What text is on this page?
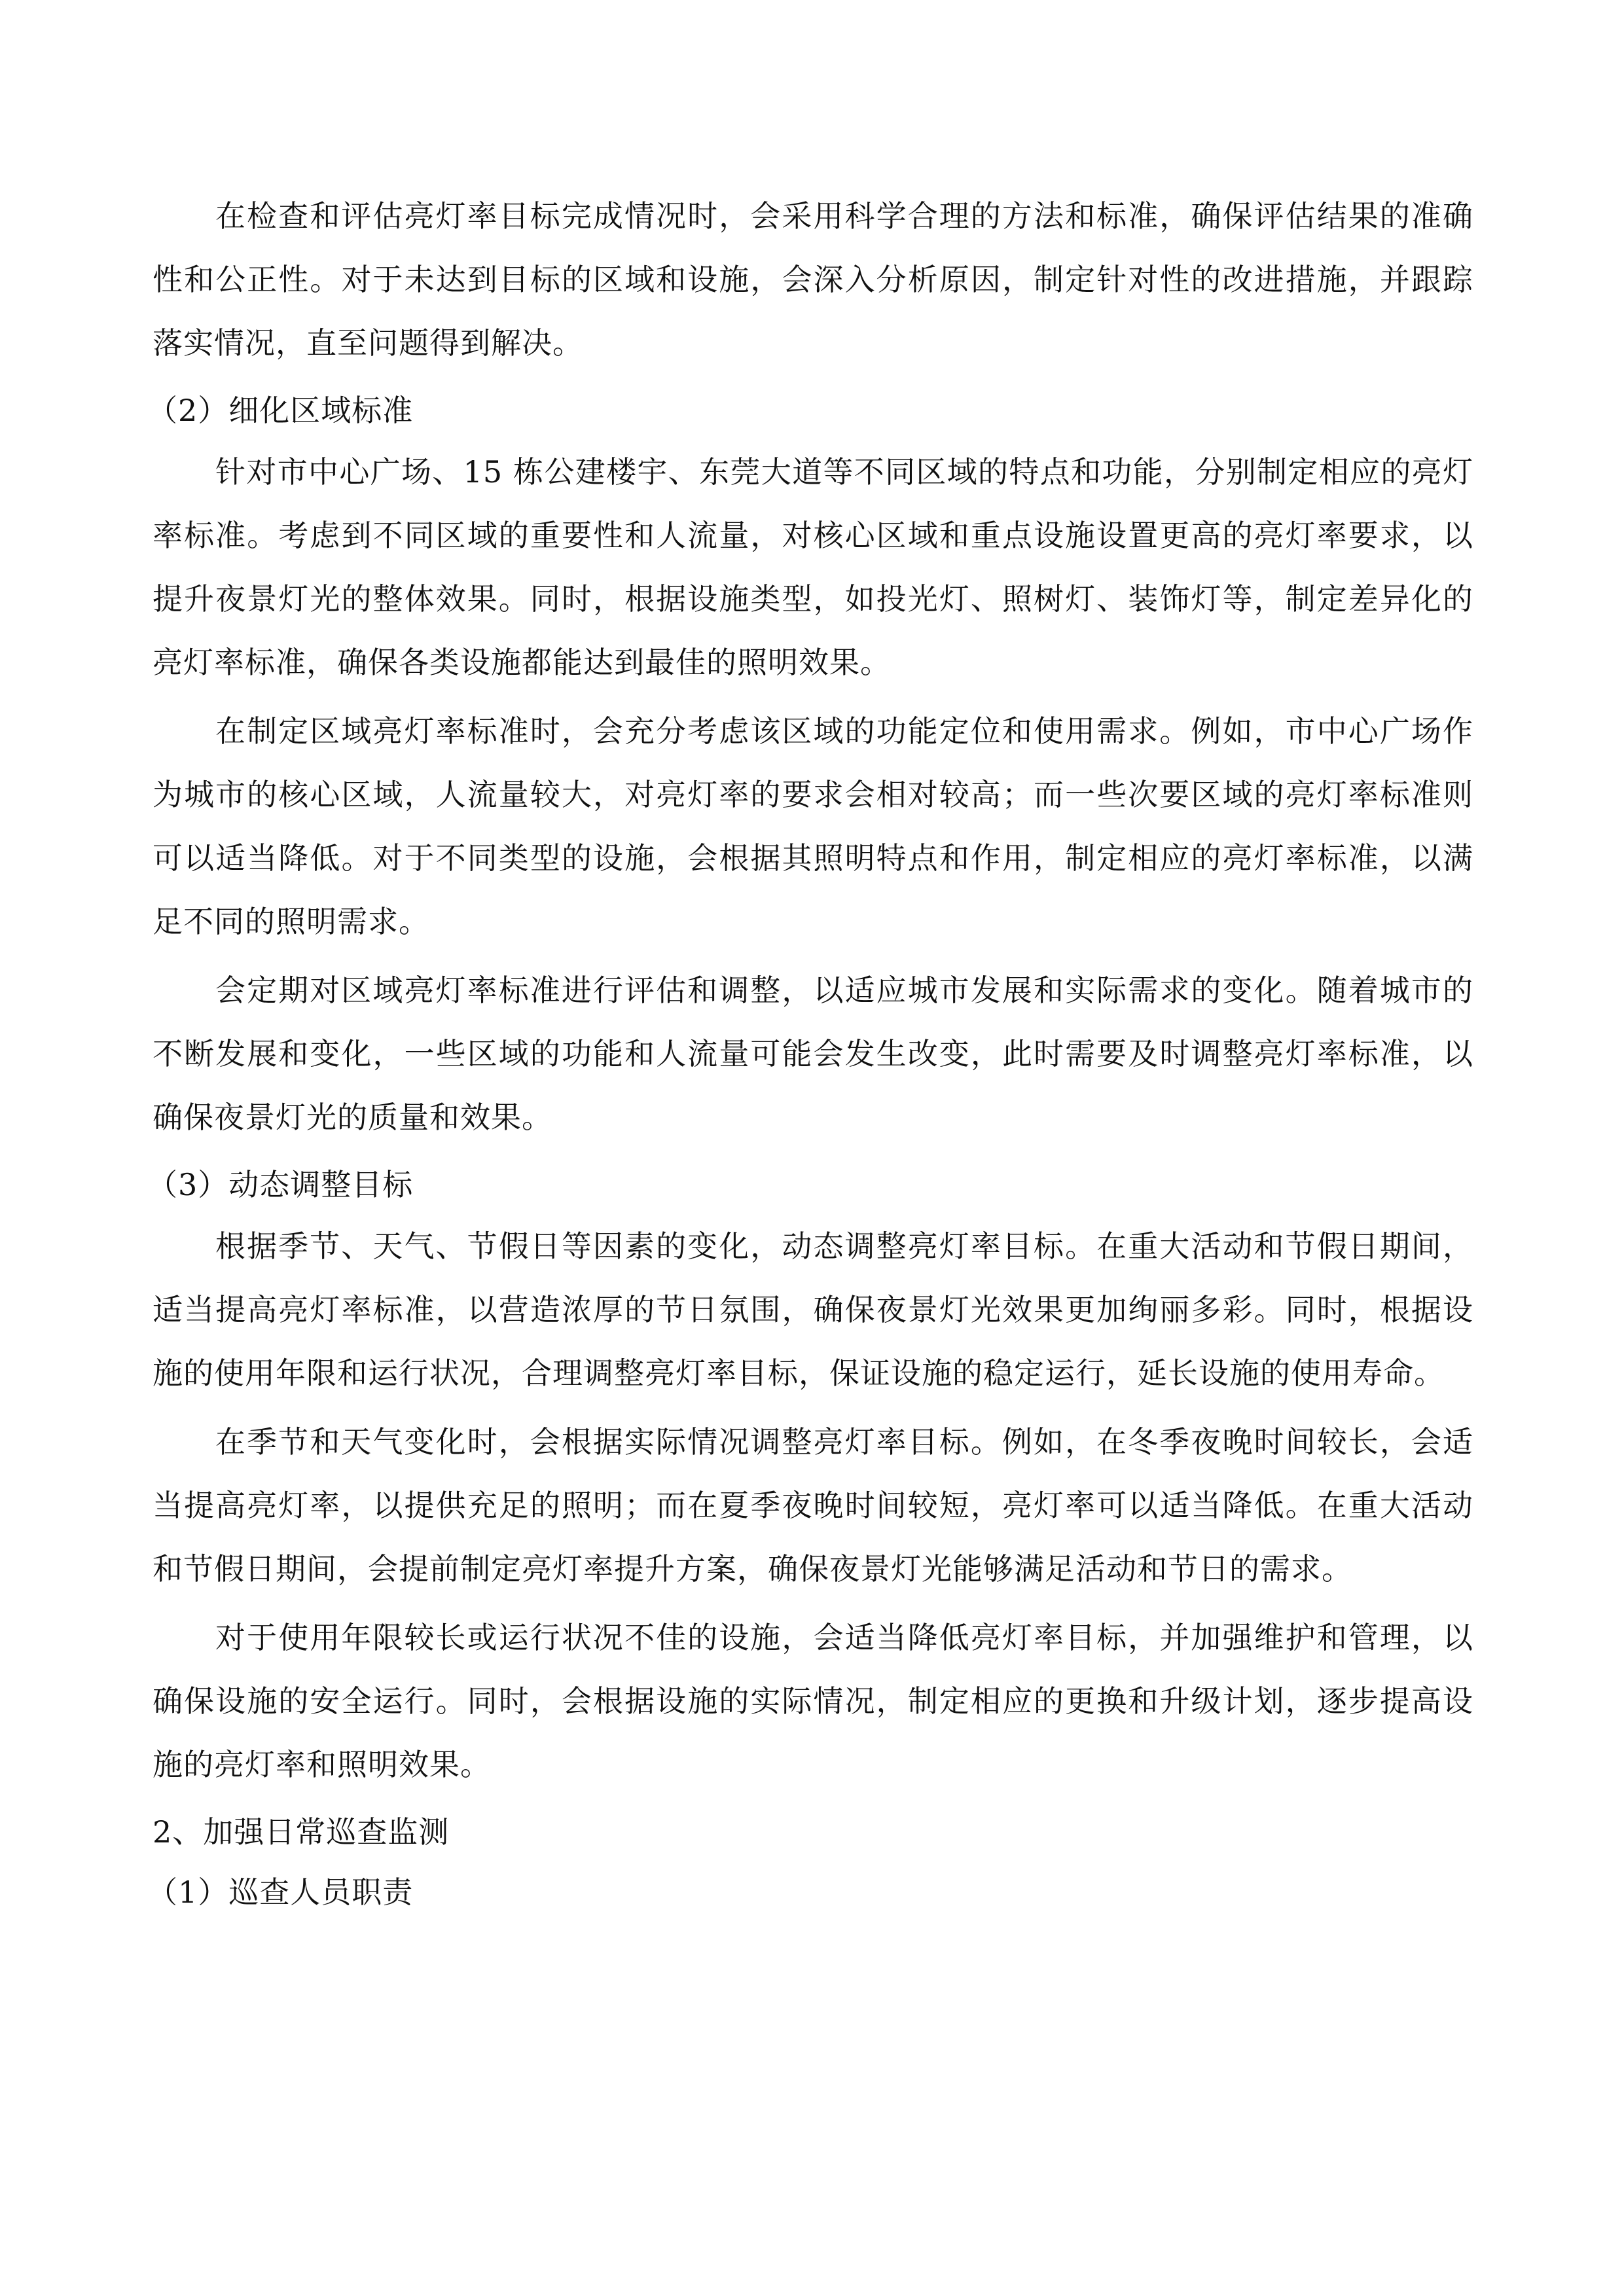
在检查和评估亮灯率目标完成情况时，会采用科学合理的方法和标准，确保评估结果的准确性和公正性。对于未达到目标的区域和设施，会深入分析原因，制定针对性的改进措施，并跟踪落实情况，直至问题得到解决。

（2）细化区域标准

针对市中心广场、15 栋公建楼宇、东莞大道等不同区域的特点和功能，分别制定相应的亮灯率标准。考虑到不同区域的重要性和人流量，对核心区域和重点设施设置更高的亮灯率要求，以提升夜景灯光的整体效果。同时，根据设施类型，如投光灯、照树灯、装饰灯等，制定差异化的亮灯率标准，确保各类设施都能达到最佳的照明效果。

在制定区域亮灯率标准时，会充分考虑该区域的功能定位和使用需求。例如，市中心广场作为城市的核心区域，人流量较大，对亮灯率的要求会相对较高；而一些次要区域的亮灯率标准则可以适当降低。对于不同类型的设施，会根据其照明特点和作用，制定相应的亮灯率标准，以满足不同的照明需求。

会定期对区域亮灯率标准进行评估和调整，以适应城市发展和实际需求的变化。随着城市的不断发展和变化，一些区域的功能和人流量可能会发生改变，此时需要及时调整亮灯率标准，以确保夜景灯光的质量和效果。

（3）动态调整目标

根据季节、天气、节假日等因素的变化，动态调整亮灯率目标。在重大活动和节假日期间，适当提高亮灯率标准，以营造浓厚的节日氛围，确保夜景灯光效果更加绚丽多彩。同时，根据设施的使用年限和运行状况，合理调整亮灯率目标，保证设施的稳定运行，延长设施的使用寿命。

在季节和天气变化时，会根据实际情况调整亮灯率目标。例如，在冬季夜晚时间较长，会适当提高亮灯率，以提供充足的照明；而在夏季夜晚时间较短，亮灯率可以适当降低。在重大活动和节假日期间，会提前制定亮灯率提升方案，确保夜景灯光能够满足活动和节日的需求。

对于使用年限较长或运行状况不佳的设施，会适当降低亮灯率目标，并加强维护和管理，以确保设施的安全运行。同时，会根据设施的实际情况，制定相应的更换和升级计划，逐步提高设施的亮灯率和照明效果。

2、加强日常巡查监测

（1）巡查人员职责
